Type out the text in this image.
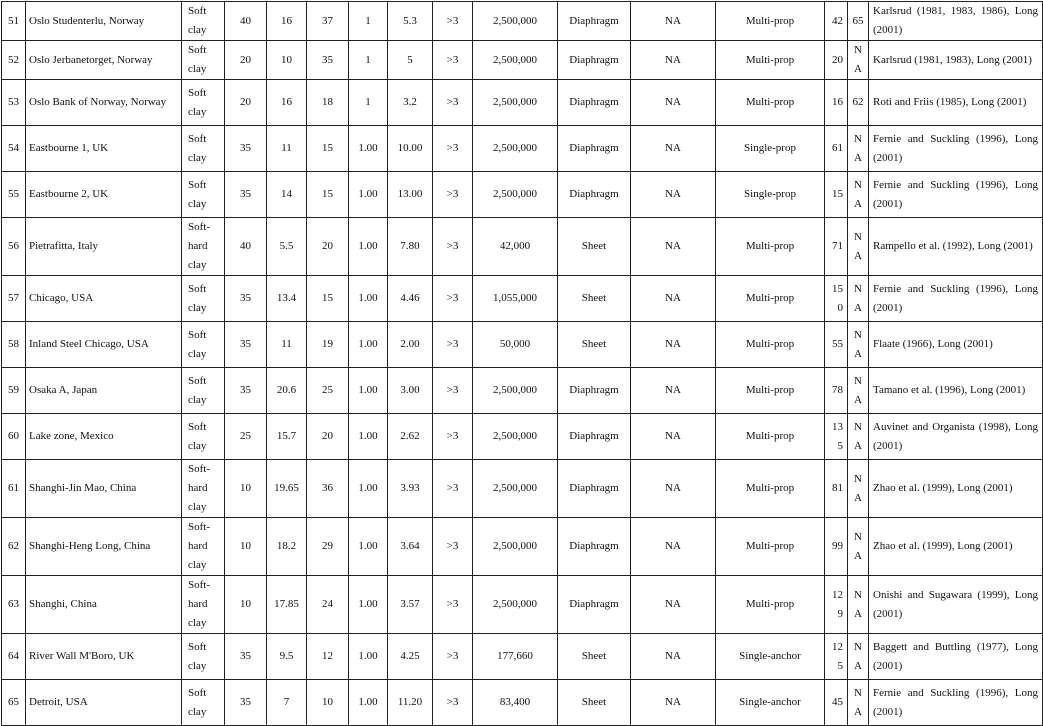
51	Oslo Studenterlu, Norway	Soft clay	40	16	37	1	5.3	>3	2,500,000	Diaphragm	NA	Multi-prop	42	65	Karlsrud (1981, 1983, 1986), Long (2001)
52	Oslo Jerbanetorget, Norway	Soft clay	20	10	35	1	5	>3	2,500,000	Diaphragm	NA	Multi-prop	20	NA	Karlsrud (1981, 1983), Long (2001)
53	Oslo Bank of Norway, Norway	Soft clay	20	16	18	1	3.2	>3	2,500,000	Diaphragm	NA	Multi-prop	16	62	Roti and Friis (1985), Long (2001)
54	Eastbourne 1, UK	Soft clay	35	11	15	1.00	10.00	>3	2,500,000	Diaphragm	NA	Single-prop	61	NA	Fernie and Suckling (1996), Long (2001)
55	Eastbourne 2, UK	Soft clay	35	14	15	1.00	13.00	>3	2,500,000	Diaphragm	NA	Single-prop	15	NA	Fernie and Suckling (1996), Long (2001)
56	Pietrafitta, Italy	Soft-hard clay	40	5.5	20	1.00	7.80	>3	42,000	Sheet	NA	Multi-prop	71	NA	Rampello et al. (1992), Long (2001)
57	Chicago, USA	Soft clay	35	13.4	15	1.00	4.46	>3	1,055,000	Sheet	NA	Multi-prop	150	NA	Fernie and Suckling (1996), Long (2001)
58	Inland Steel Chicago, USA	Soft clay	35	11	19	1.00	2.00	>3	50,000	Sheet	NA	Multi-prop	55	NA	Flaate (1966), Long (2001)
59	Osaka A, Japan	Soft clay	35	20.6	25	1.00	3.00	>3	2,500,000	Diaphragm	NA	Multi-prop	78	NA	Tamano et al. (1996), Long (2001)
60	Lake zone, Mexico	Soft clay	25	15.7	20	1.00	2.62	>3	2,500,000	Diaphragm	NA	Multi-prop	135	NA	Auvinet and Organista (1998), Long (2001)
61	Shanghi-Jin Mao, China	Soft-hard clay	10	19.65	36	1.00	3.93	>3	2,500,000	Diaphragm	NA	Multi-prop	81	NA	Zhao et al. (1999), Long (2001)
62	Shanghi-Heng Long, China	Soft-hard clay	10	18.2	29	1.00	3.64	>3	2,500,000	Diaphragm	NA	Multi-prop	99	NA	Zhao et al. (1999), Long (2001)
63	Shanghi, China	Soft-hard clay	10	17.85	24	1.00	3.57	>3	2,500,000	Diaphragm	NA	Multi-prop	129	NA	Onishi and Sugawara (1999), Long (2001)
64	River Wall M'Boro, UK	Soft clay	35	9.5	12	1.00	4.25	>3	177,660	Sheet	NA	Single-anchor	125	NA	Baggett and Buttling (1977), Long (2001)
65	Detroit, USA	Soft clay	35	7	10	1.00	11.20	>3	83,400	Sheet	NA	Single-anchor	45	NA	Fernie and Suckling (1996), Long (2001)
